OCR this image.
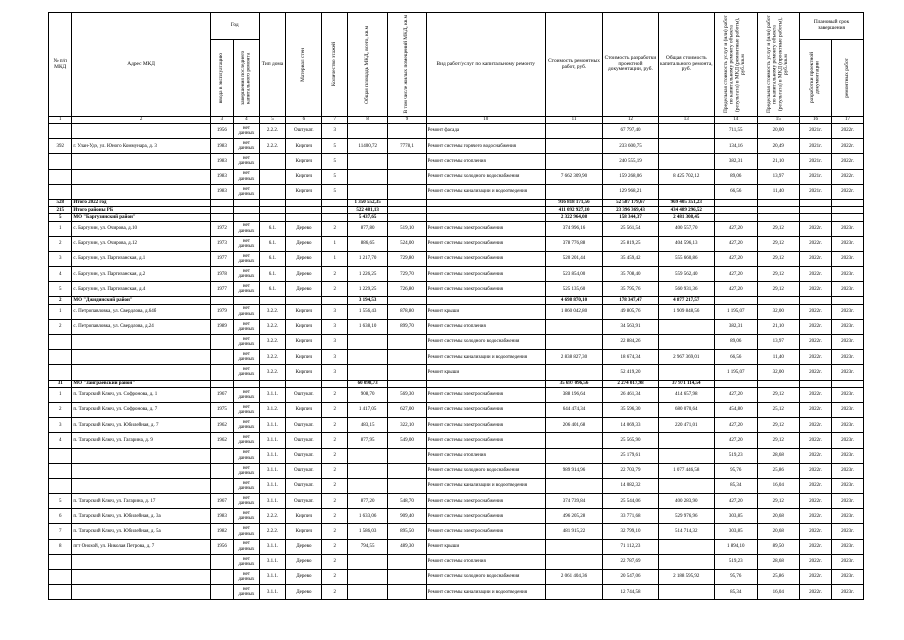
№ п/п МКД	Адрес МКД	Год		Тип дома	Материал стен	Количество этажей	Общая площадь МКД, всего, кв.м	В том числе жилых помещений МКД, кв.м	Вид работ/услуг по капитальному ремонту	Стоимость ремонтных работ, руб.	Стоимость разработки проектной документации, руб.	Общая стоимость капитального ремонта, руб.	Предельная стоимость услуг и (или) работ по капитальному ремонту объекта (результата) в МКД (ремонтные работы), руб./кв.м	Предельная стоимость услуг и (или) работ по капитальному ремонту объекта (результата) в МКД (проектные работы), руб./кв.м	Плановый срок завершения	

		ввода в эксплуатацию	завершения последнего капитального ремонта												разработки проектной документации	ремонтных работ

1	2	3	4	5	6	7	8	9	10	11	12	13	14	15	16	17
		1956	нет данных	2.2.2.	Оштукат.	3			Ремонт фасада		67 797,40		711,55	20,00	2021г.	2022г.
392	г. Улан-Удэ, ул. Юного Коммунара, д. 3	1983	нет данных	2.2.2.	Кирпич	5	11400,72	7778,1	Ремонт системы горячего водоснабжения		233 600,75		134,16	20,49	2021г.	2022г.
		1983	нет данных		Кирпич	5			Ремонт системы отопления		240 555,19		382,31	21,10	2021г.	2022г.
		1983	нет данных		Кирпич	5			Ремонт системы холодного водоснабжения	7 662 309,90	159 268,06	8 425 702,12	89,06	13,97	2021г.	2022г.
		1983	нет данных		Кирпич	5			Ремонт системы канализации и водоотведения		129 968,21		66,56	11,40	2021г.	2022г.
528	Итого 2022 год						1 350 552,35			916 818 171,56	52 587 179,67	969 405 351,23				
215	Итого районы РБ						522 481,13			411 092 927,10	23 396 369,43	434 489 296,52				
5	МО "Баргузинский район"						5 437,65			2 322 964,08	158 344,37	2 481 308,45				
1	с. Баргузин, ул. Очирова, д.10	1972	нет данных	6.1.	Дерево	2	877,80	519,10	Ремонт системы электроснабжения	374 996,16	25 561,54	400 557,70	427,20	29,12	2022г.	2023г.
2	с. Баргузин, ул. Очирова, д.12	1973	нет данных	6.1.	Дерево	1	886,65	524,00	Ремонт системы электроснабжения	378 776,88	25 819,25	404 596,13	427,20	29,12	2022г.	2023г.
3	с. Баргузин, ул. Партизанская, д.1	1977	нет данных	6.1.	Дерево	1	1 217,70	729,80	Ремонт системы электроснабжения	520 201,44	35 459,42	555 660,86	427,20	29,12	2022г.	2023г.
4	с. Баргузин, ул. Партизанская, д.2	1978	нет данных	6.1.	Дерево	2	1 226,25	729,70	Ремонт системы электроснабжения	523 854,00	35 708,40	559 562,40	427,20	29,12	2022г.	2023г.
5	с. Баргузин, ул. Партизанская, д.4	1977	нет данных	6.1.	Дерево	2	1 229,25	726,80	Ремонт системы электроснабжения	525 135,60	35 795,76	560 931,36	427,20	29,12	2022г.	2023г.
2	МО "Джидинский район"						3 194,53			4 698 870,10	178 347,47	4 877 217,57				
1	с. Петропавловка, ул. Свердлова, д.64б	1979	нет данных	3.2.2.	Кирпич	3	1 556,43	878,80	Ремонт крыши	1 860 042,80	49 805,76	1 909 848,56	1 195,07	32,00	2022г.	2023г.
2	с. Петропавловка, ул. Свердлова, д.24	1989	нет данных	3.2.2.	Кирпич	3	1 638,10	899,70	Ремонт системы отопления		34 563,91		382,31	21,10	2022г.	2023г.
			нет данных	3.2.2.	Кирпич	3			Ремонт системы холодного водоснабжения		22 884,26		89,06	13,97	2022г.	2023г.
			нет данных	3.2.2.	Кирпич	3			Ремонт системы канализации и водоотведения	2 838 827,30	18 674,34	2 967 369,01	66,56	11,40	2022г.	2023г.
			нет данных	3.2.2.	Кирпич	3			Ремонт крыши		52 419,20		1 195,07	32,00	2022г.	2023г.
31	МО "Заиграевский район"						60 098,73			35 697 096,56	2 274 017,98	37 971 114,54				
1	п. Татарский Ключ, ул. Софронова, д. 1	1967	нет данных	3.1.1.	Оштукат.	2	908,70	569,30	Ремонт системы электроснабжения	388 196,64	26 461,34	414 657,98	427,20	29,12	2022г.	2023г.
2	п. Татарский Ключ, ул. Софронова, д. 7	1975	нет данных	3.1.2.	Кирпич	2	1 417,05	627,00	Ремонт системы электроснабжения	644 474,34	35 596,30	680 070,64	454,80	25,12	2022г.	2023г.
3	п. Татарский Ключ, ул. Юбилейная, д. 7	1962	нет данных	3.1.1.	Оштукат.	2	483,15	322,10	Ремонт системы электроснабжения	206 401,68	14 069,33	220 471,01	427,20	29,12	2022г.	2023г.
4	п. Татарский Ключ, ул. Гагарина, д. 9	1962	нет данных	3.1.1.	Оштукат.	2	877,95	549,00	Ремонт системы электроснабжения		25 565,90		427,20	29,12	2022г.	2023г.
			нет данных	3.1.1.	Оштукат.	2			Ремонт системы отопления		25 179,61		519,23	28,68	2022г.	2023г.
			нет данных	3.1.1.	Оштукат.	2			Ремонт системы холодного водоснабжения	989 914,96	22 703,79	1 077 446,58	95,76	25,86	2022г.	2023г.
			нет данных	3.1.1.	Оштукат.	2			Ремонт системы канализации и водоотведения		14 082,32		85,34	16,04	2022г.	2023г.
5	п. Татарский Ключ, ул. Гагарина, д. 17	1967	нет данных	3.1.1.	Оштукат.	2	877,20	548,70	Ремонт системы электроснабжения	374 739,84	25 544,06	400 283,90	427,20	29,12	2022г.	2023г.
6	п. Татарский Ключ, ул. Юбилейная, д. 3а	1983	нет данных	2.2.2.	Кирпич	2	1 633,06	909,40	Ремонт системы электроснабжения	496 205,28	33 771,68	529 976,96	303,85	20,68	2022г.	2023г.
7	п. Татарский Ключ, ул. Юбилейная, д. 5а	1982	нет данных	2.2.2.	Кирпич	2	1 586,03	895,50	Ремонт системы электроснабжения	481 915,22	32 799,10	514 714,32	303,85	20,68	2022г.	2023г.
8	пгт Онохой, ул. Николая Петрова, д. 7	1956	нет данных	3.1.1.	Дерево	2	794,55	489,30	Ремонт крыши		71 112,23		1 894,10	89,50	2022г.	2023г.
			нет данных	3.1.1.	Дерево	2			Ремонт системы отопления		22 787,69		519,23	28,68	2022г.	2023г.
			нет данных	3.1.1.	Дерево	2			Ремонт системы холодного водоснабжения	2 061 404,36	20 547,06	2 188 595,92	95,76	25,86	2022г.	2023г.
			нет данных	3.1.1.	Дерево	2			Ремонт системы канализации и водоотведения		12 744,58		85,34	16,04	2022г.	2023г.
